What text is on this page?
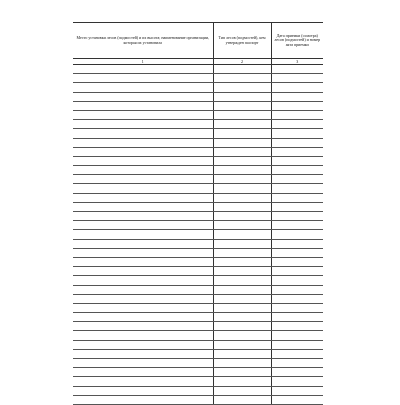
Место установки лесов (подмостей) и их высота; наименование организации, которая их установила	Тип лесов (подмостей), кем утвержден паспорт	Дата приемки (осмотра) лесов (подмостей) и номер акта приемки
1	2	3
